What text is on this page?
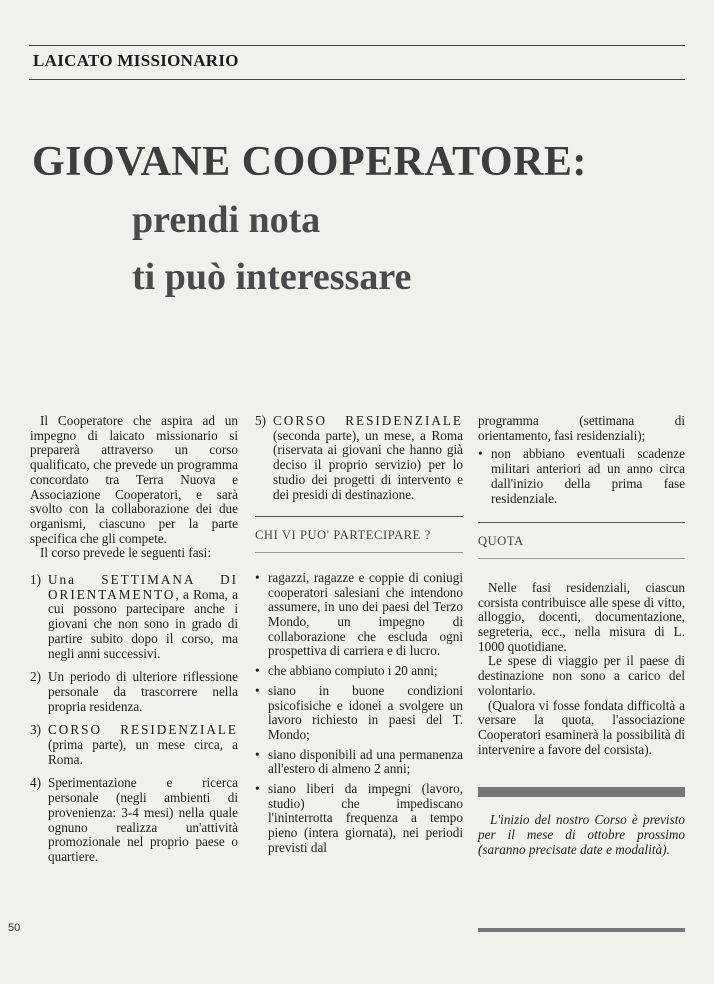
LAICATO MISSIONARIO
GIOVANE COOPERATORE:
prendi nota
ti può interessare

Il Cooperatore che aspira ad un impegno di laicato missionario si preparerà attraverso un corso qualificato, che prevede un programma concordato tra Terra Nuova e Associazione Cooperatori, e sarà svolto con la collaborazione dei due organismi, ciascuno per la parte specifica che gli compete.

Il corso prevede le seguenti fasi:

1) Una SETTIMANA DI ORIENTAMENTO, a Roma, a cui possono partecipare anche i giovani che non sono in grado di partire subito dopo il corso, ma negli anni successivi.
2) Un periodo di ulteriore riflessione personale da trascorrere nella propria residenza.
3) CORSO RESIDENZIALE (prima parte), un mese circa, a Roma.
4) Sperimentazione e ricerca personale (negli ambienti di provenienza: 3-4 mesi) nella quale ognuno realizza un'attività promozionale nel proprio paese o quartiere.
5) CORSO RESIDENZIALE (seconda parte), un mese, a Roma (riservata ai giovani che hanno già deciso il proprio servizio) per lo studio dei progetti di intervento e dei presidi di destinazione.
CHI VI PUO' PARTECIPARE ?
• ragazzi, ragazze e coppie di coniugi cooperatori salesiani che intendono assumere, in uno dei paesi del Terzo Mondo, un impegno di collaborazione che escluda ogni prospettiva di carriera e di lucro.
• che abbiano compiuto i 20 anni;
• siano in buone condizioni psicofisiche e idonei a svolgere un lavoro richiesto in paesi del T. Mondo;
• siano disponibili ad una permanenza all'estero di almeno 2 anni;
• siano liberi da impegni (lavoro, studio) che impediscano l'ininterrotta frequenza a tempo pieno (intera giornata), nei periodi previsti dal

programma (settimana di orientamento, fasi residenziali);

• non abbiano eventuali scadenze militari anteriori ad un anno circa dall'inizio della prima fase residenziale.
QUOTA

Nelle fasi residenziali, ciascun corsista contribuisce alle spese di vitto, alloggio, docenti, documentazione, segreteria, ecc., nella misura di L. 1000 quotidiane.

Le spese di viaggio per il paese di destinazione non sono a carico del volontario.

(Qualora vi fosse fondata difficoltà a versare la quota, l'associazione Cooperatori esaminerà la possibilità di intervenire a favore del corsista).

L'inizio del nostro Corso è previsto per il mese di ottobre prossimo (saranno precisate date e modalità).

50
